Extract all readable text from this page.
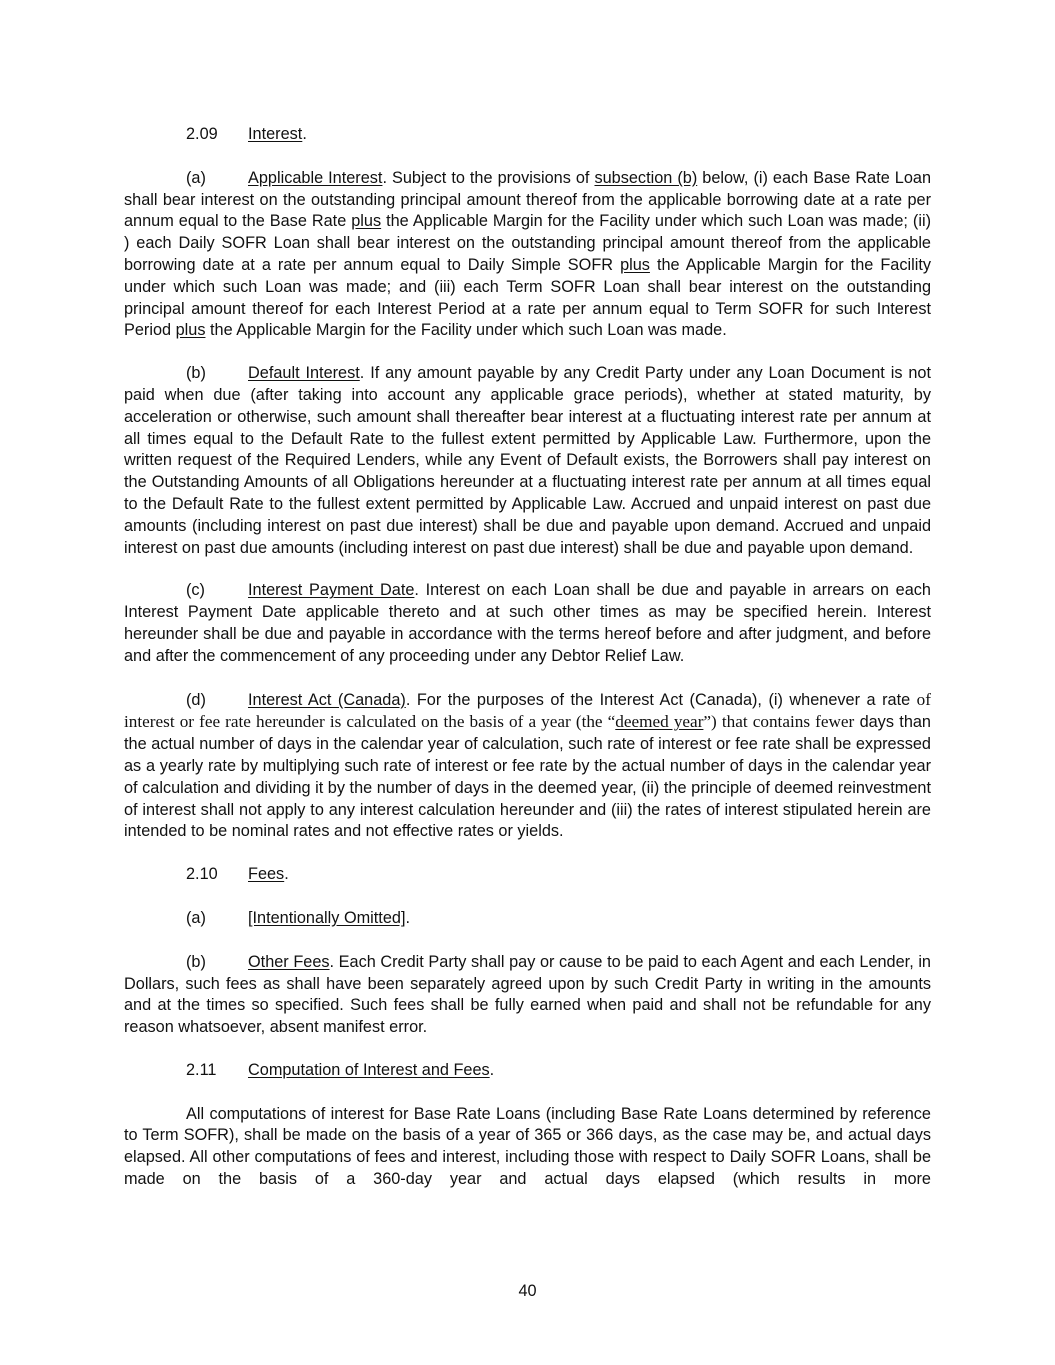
2.09 Interest.

(a)	Applicable Interest. Subject to the provisions of subsection (b) below, (i) each Base Rate Loan shall bear interest on the outstanding principal amount thereof from the applicable borrowing date at a rate per annum equal to the Base Rate plus the Applicable Margin for the Facility under which such Loan was made; (ii) ) each Daily SOFR Loan shall bear interest on the outstanding principal amount thereof from the applicable borrowing date at a rate per annum equal to Daily Simple SOFR plus the Applicable Margin for the Facility under which such Loan was made; and (iii) each Term SOFR Loan shall bear interest on the outstanding principal amount thereof for each Interest Period at a rate per annum equal to Term SOFR for such Interest Period plus the Applicable Margin for the Facility under which such Loan was made.

(b)	Default Interest. If any amount payable by any Credit Party under any Loan Document is not paid when due (after taking into account any applicable grace periods), whether at stated maturity, by acceleration or otherwise, such amount shall thereafter bear interest at a fluctuating interest rate per annum at all times equal to the Default Rate to the fullest extent permitted by Applicable Law. Furthermore, upon the written request of the Required Lenders, while any Event of Default exists, the Borrowers shall pay interest on the Outstanding Amounts of all Obligations hereunder at a fluctuating interest rate per annum at all times equal to the Default Rate to the fullest extent permitted by Applicable Law. Accrued and unpaid interest on past due amounts (including interest on past due interest) shall be due and payable upon demand. Accrued and unpaid interest on past due amounts (including interest on past due interest) shall be due and payable upon demand.

(c)	Interest Payment Date. Interest on each Loan shall be due and payable in arrears on each Interest Payment Date applicable thereto and at such other times as may be specified herein. Interest hereunder shall be due and payable in accordance with the terms hereof before and after judgment, and before and after the commencement of any proceeding under any Debtor Relief Law.

(d)	Interest Act (Canada). For the purposes of the Interest Act (Canada), (i) whenever a rate of interest or fee rate hereunder is calculated on the basis of a year (the “deemed year”) that contains fewer days than the actual number of days in the calendar year of calculation, such rate of interest or fee rate shall be expressed as a yearly rate by multiplying such rate of interest or fee rate by the actual number of days in the calendar year of calculation and dividing it by the number of days in the deemed year, (ii) the principle of deemed reinvestment of interest shall not apply to any interest calculation hereunder and (iii) the rates of interest stipulated herein are intended to be nominal rates and not effective rates or yields.

2.10 Fees.
(a)	[Intentionally Omitted].

(b)	Other Fees. Each Credit Party shall pay or cause to be paid to each Agent and each Lender, in Dollars, such fees as shall have been separately agreed upon by such Credit Party in writing in the amounts and at the times so specified. Such fees shall be fully earned when paid and shall not be refundable for any reason whatsoever, absent manifest error.

2.11 Computation of Interest and Fees.

All computations of interest for Base Rate Loans (including Base Rate Loans determined by reference to Term SOFR), shall be made on the basis of a year of 365 or 366 days, as the case may be, and actual days elapsed. All other computations of fees and interest, including those with respect to Daily SOFR Loans, shall be made on the basis of a 360-day year and actual days elapsed (which results in more

40
